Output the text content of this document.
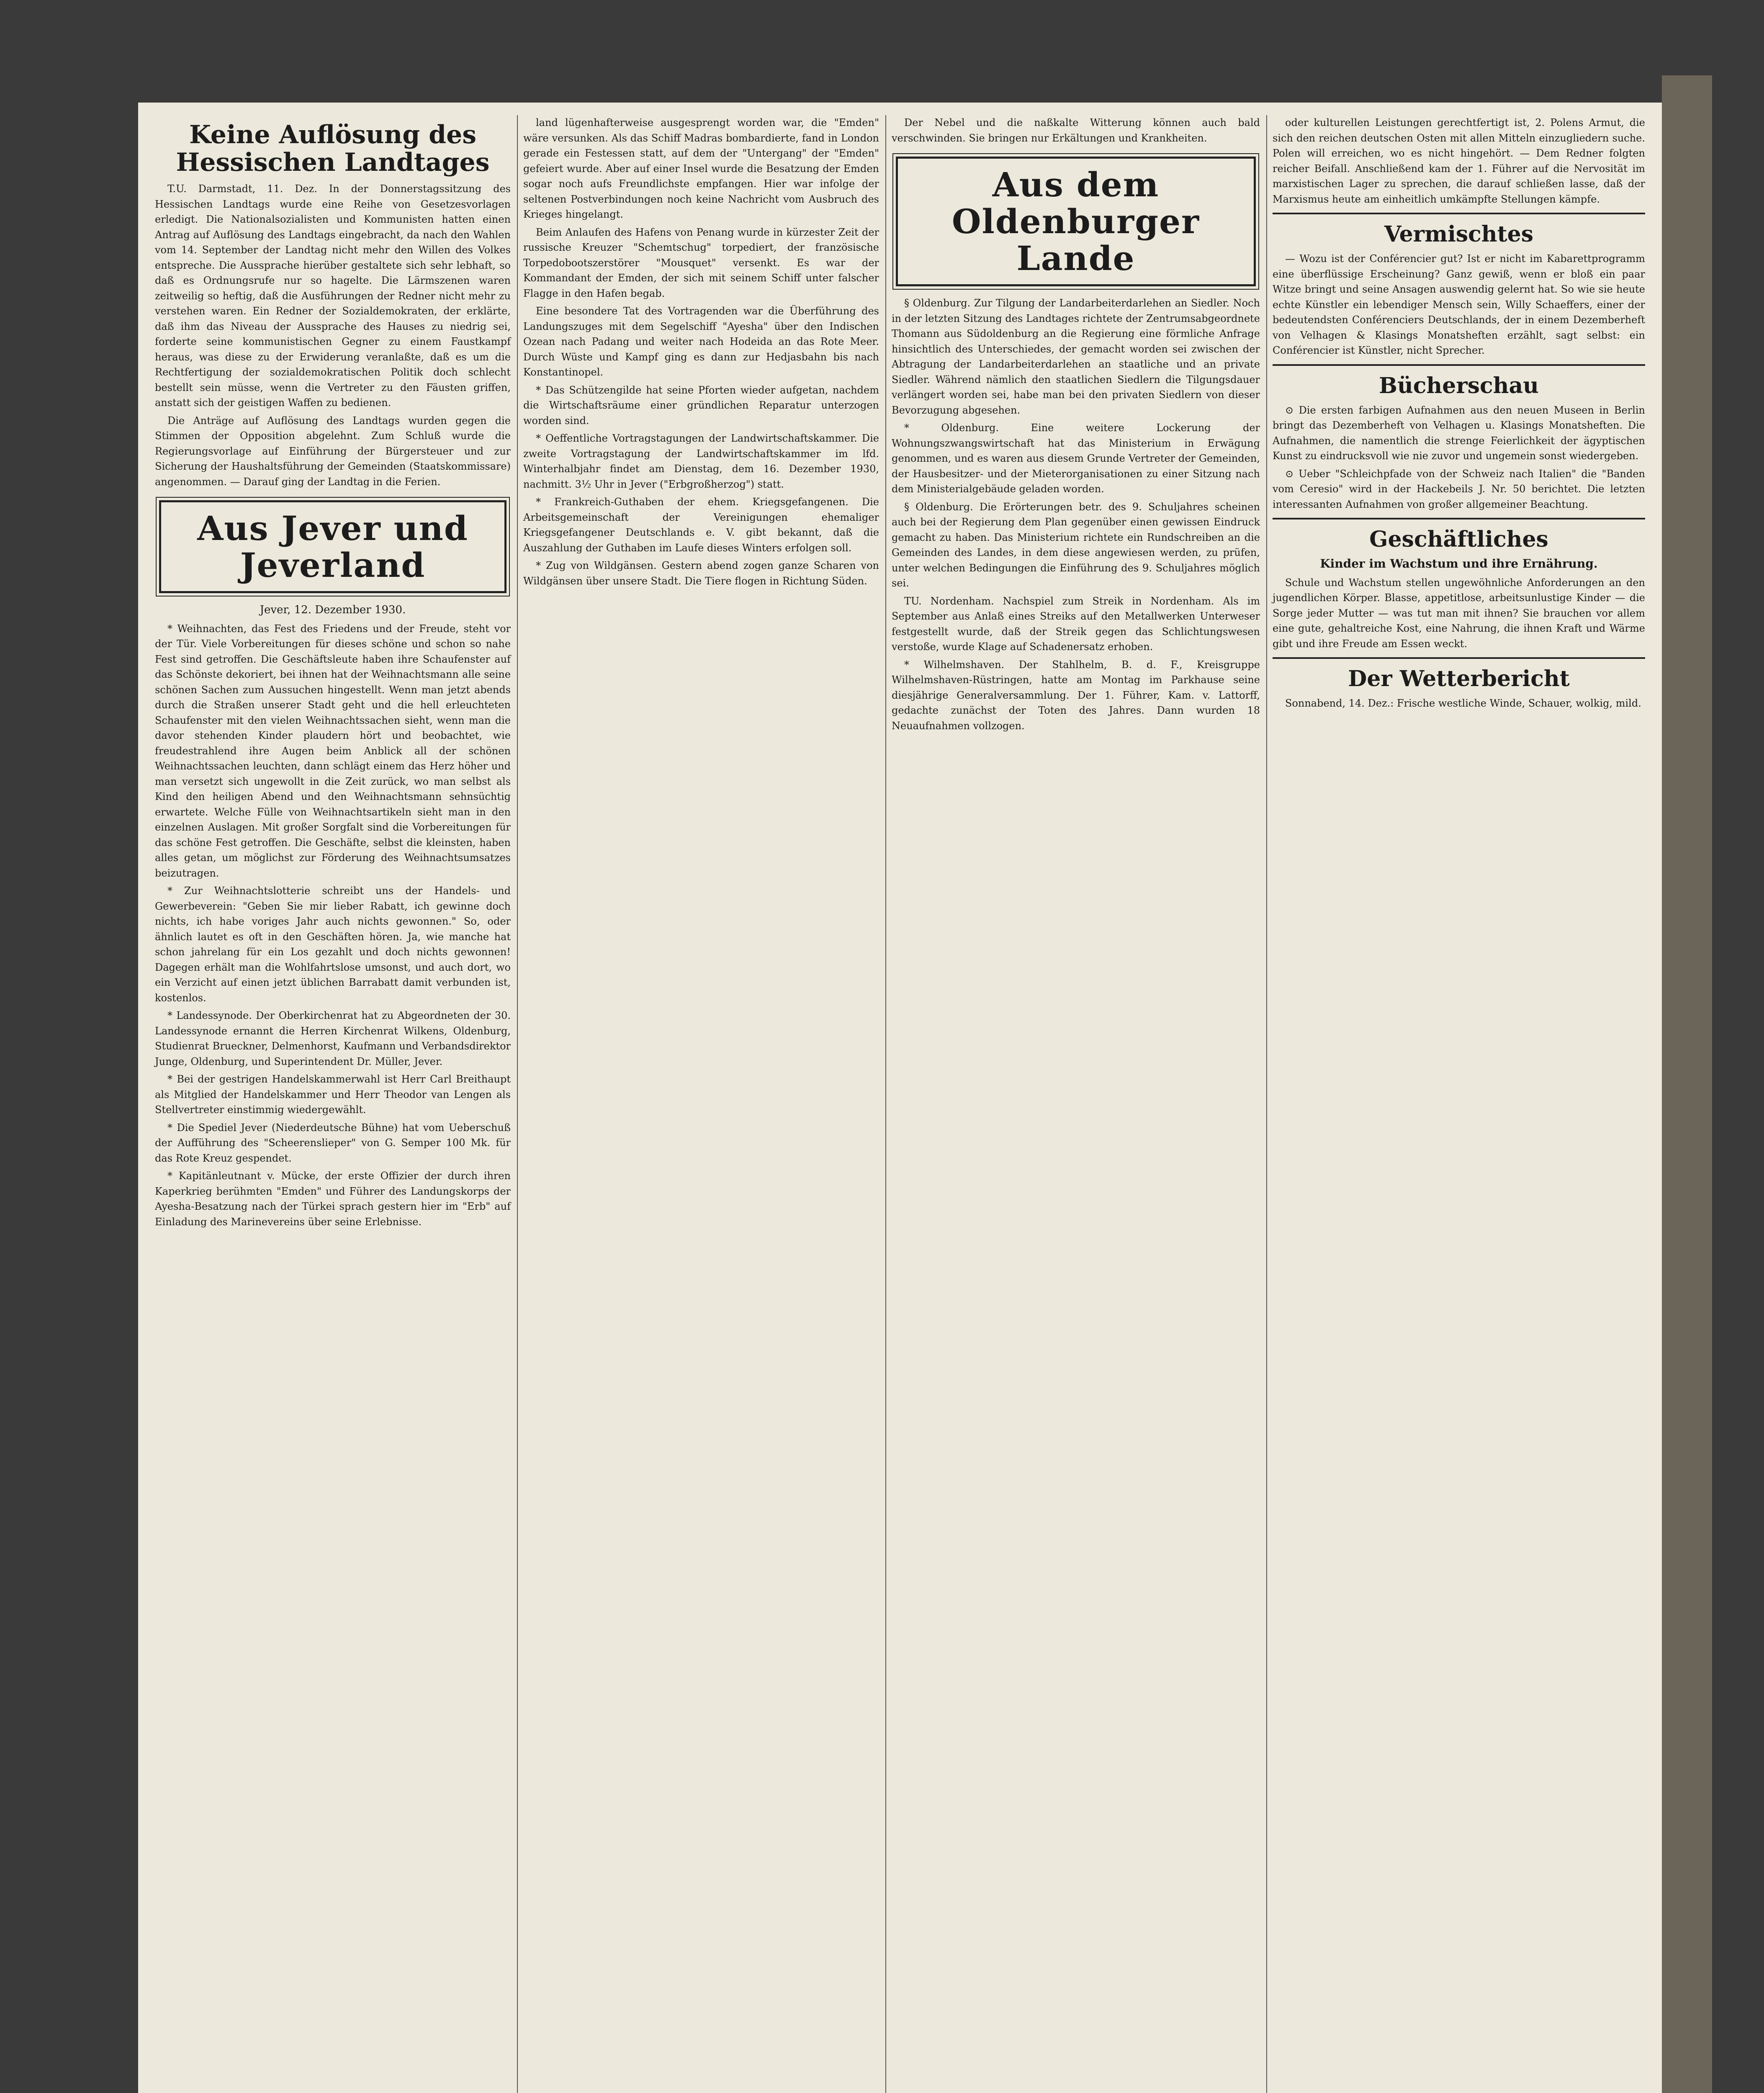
Keine Auflösung des Hessischen Landtages

T.U. Darmstadt, 11. Dez. In der Donnerstagssitzung des Hessischen Landtags wurde eine Reihe von Gesetzesvorlagen erledigt. Die Nationalsozialisten und Kommunisten hatten einen Antrag auf Auflösung des Landtags eingebracht, da nach den Wahlen vom 14. September der Landtag nicht mehr den Willen des Volkes entspreche. Die Aussprache hierüber gestaltete sich sehr lebhaft, so daß es Ordnungsrufe nur so hagelte. Die Lärmszenen waren zeitweilig so heftig, daß die Ausführungen der Redner nicht mehr zu verstehen waren. Ein Redner der Sozialdemokraten, der erklärte, daß ihm das Niveau der Aussprache des Hauses zu niedrig sei, forderte seine kommunistischen Gegner zu einem Faustkampf heraus, was diese zu der Erwiderung veranlaßte, daß es um die Rechtfertigung der sozialdemokratischen Politik doch schlecht bestellt sein müsse, wenn die Vertreter zu den Fäusten griffen, anstatt sich der geistigen Waffen zu bedienen.

Die Anträge auf Auflösung des Landtags wurden gegen die Stimmen der Opposition abgelehnt. Zum Schluß wurde die Regierungsvorlage auf Einführung der Bürgersteuer und zur Sicherung der Haushaltsführung der Gemeinden (Staatskommissare) angenommen. — Darauf ging der Landtag in die Ferien.

Aus Jever und Jeverland
Jever, 12. Dezember 1930.

* Weihnachten, das Fest des Friedens und der Freude, steht vor der Tür. Viele Vorbereitungen für dieses schöne und schon so nahe Fest sind getroffen. Die Geschäftsleute haben ihre Schaufenster auf das Schönste dekoriert, bei ihnen hat der Weihnachtsmann alle seine schönen Sachen zum Aussuchen hingestellt. Wenn man jetzt abends durch die Straßen unserer Stadt geht und die hell erleuchteten Schaufenster mit den vielen Weihnachtssachen sieht, wenn man die davor stehenden Kinder plaudern hört und beobachtet, wie freudestrahlend ihre Augen beim Anblick all der schönen Weihnachtssachen leuchten, dann schlägt einem das Herz höher und man versetzt sich ungewollt in die Zeit zurück, wo man selbst als Kind den heiligen Abend und den Weihnachtsmann sehnsüchtig erwartete. Welche Fülle von Weihnachtsartikeln sieht man in den einzelnen Auslagen. Mit großer Sorgfalt sind die Vorbereitungen für das schöne Fest getroffen. Die Geschäfte, selbst die kleinsten, haben alles getan, um möglichst zur Förderung des Weihnachtsumsatzes beizutragen.

* Zur Weihnachtslotterie schreibt uns der Handels- und Gewerbeverein: "Geben Sie mir lieber Rabatt, ich gewinne doch nichts, ich habe voriges Jahr auch nichts gewonnen." So, oder ähnlich lautet es oft in den Geschäften hören. Ja, wie manche hat schon jahrelang für ein Los gezahlt und doch nichts gewonnen! Dagegen erhält man die Wohlfahrtslose umsonst, und auch dort, wo ein Verzicht auf einen jetzt üblichen Barrabatt damit verbunden ist, kostenlos.

* Landessynode. Der Oberkirchenrat hat zu Abgeordneten der 30. Landessynode ernannt die Herren Kirchenrat Wilkens, Oldenburg, Studienrat Brueckner, Delmenhorst, Kaufmann und Verbandsdirektor Junge, Oldenburg, und Superintendent Dr. Müller, Jever.

* Bei der gestrigen Handelskammerwahl ist Herr Carl Breithaupt als Mitglied der Handelskammer und Herr Theodor van Lengen als Stellvertreter einstimmig wiedergewählt.

* Die Spediel Jever (Niederdeutsche Bühne) hat vom Ueberschuß der Aufführung des "Scheerenslieper" von G. Semper 100 Mk. für das Rote Kreuz gespendet.

* Kapitänleutnant v. Mücke, der erste Offizier der durch ihren Kaperkrieg berühmten "Emden" und Führer des Landungskorps der Ayesha-Besatzung nach der Türkei sprach gestern hier im "Erb" auf Einladung des Marinevereins über seine Erlebnisse.

land lügenhafterweise ausgesprengt worden war, die "Emden" wäre versunken. Als das Schiff Madras bombardierte, fand in London gerade ein Festessen statt, auf dem der "Untergang" der "Emden" gefeiert wurde. Aber auf einer Insel wurde die Besatzung der Emden sogar noch aufs Freundlichste empfangen. Hier war infolge der seltenen Postverbindungen noch keine Nachricht vom Ausbruch des Krieges hingelangt.

Beim Anlaufen des Hafens von Penang wurde in kürzester Zeit der russische Kreuzer "Schemtschug" torpediert, der französische Torpedobootszerstörer "Mousquet" versenkt. Es war der Kommandant der Emden, der sich mit seinem Schiff unter falscher Flagge in den Hafen begab.

Eine besondere Tat des Vortragenden war die Überführung des Landungszuges mit dem Segelschiff "Ayesha" über den Indischen Ozean nach Padang und weiter nach Hodeida an das Rote Meer. Durch Wüste und Kampf ging es dann zur Hedjasbahn bis nach Konstantinopel.

* Das Schützengilde hat seine Pforten wieder aufgetan, nachdem die Wirtschaftsräume einer gründlichen Reparatur unterzogen worden sind.

* Oeffentliche Vortragstagungen der Landwirtschaftskammer. Die zweite Vortragstagung der Landwirtschaftskammer im lfd. Winterhalbjahr findet am Dienstag, dem 16. Dezember 1930, nachmitt. 3½ Uhr in Jever ("Erbgroßherzog") statt.

* Frankreich-Guthaben der ehem. Kriegsgefangenen. Die Arbeitsgemeinschaft der Vereinigungen ehemaliger Kriegsgefangener Deutschlands e. V. gibt bekannt, daß die Auszahlung der Guthaben im Laufe dieses Winters erfolgen soll.

* Zug von Wildgänsen. Gestern abend zogen ganze Scharen von Wildgänsen über unsere Stadt. Die Tiere flogen in Richtung Süden.

Der Nebel und die naßkalte Witterung können auch bald verschwinden. Sie bringen nur Erkältungen und Krankheiten.

Aus dem Oldenburger Lande

§ Oldenburg. Zur Tilgung der Landarbeiterdarlehen an Siedler. Noch in der letzten Sitzung des Landtages richtete der Zentrumsabgeordnete Thomann aus Südoldenburg an die Regierung eine förmliche Anfrage hinsichtlich des Unterschiedes, der gemacht worden sei zwischen der Abtragung der Landarbeiterdarlehen an staatliche und an private Siedler. Während nämlich den staatlichen Siedlern die Tilgungsdauer verlängert worden sei, habe man bei den privaten Siedlern von dieser Bevorzugung abgesehen.

* Oldenburg. Eine weitere Lockerung der Wohnungszwangswirtschaft hat das Ministerium in Erwägung genommen, und es waren aus diesem Grunde Vertreter der Gemeinden, der Hausbesitzer- und der Mieterorganisationen zu einer Sitzung nach dem Ministerialgebäude geladen worden.

§ Oldenburg. Die Erörterungen betr. des 9. Schuljahres scheinen auch bei der Regierung dem Plan gegenüber einen gewissen Eindruck gemacht zu haben. Das Ministerium richtete ein Rundschreiben an die Gemeinden des Landes, in dem diese angewiesen werden, zu prüfen, unter welchen Bedingungen die Einführung des 9. Schuljahres möglich sei.

TU. Nordenham. Nachspiel zum Streik in Nordenham. Als im September aus Anlaß eines Streiks auf den Metallwerken Unterweser festgestellt wurde, daß der Streik gegen das Schlichtungswesen verstoße, wurde Klage auf Schadenersatz erhoben.

* Wilhelmshaven. Der Stahlhelm, B. d. F., Kreisgruppe Wilhelmshaven-Rüstringen, hatte am Montag im Parkhause seine diesjährige Generalversammlung. Der 1. Führer, Kam. v. Lattorff, gedachte zunächst der Toten des Jahres. Dann wurden 18 Neuaufnahmen vollzogen.

oder kulturellen Leistungen gerechtfertigt ist, 2. Polens Armut, die sich den reichen deutschen Osten mit allen Mitteln einzugliedern suche. Polen will erreichen, wo es nicht hingehört. — Dem Redner folgten reicher Beifall. Anschließend kam der 1. Führer auf die Nervosität im marxistischen Lager zu sprechen, die darauf schließen lasse, daß der Marxismus heute am einheitlich umkämpfte Stellungen kämpfe.

Vermischtes

— Wozu ist der Conférencier gut? Ist er nicht im Kabarettprogramm eine überflüssige Erscheinung? Ganz gewiß, wenn er bloß ein paar Witze bringt und seine Ansagen auswendig gelernt hat. So wie sie heute echte Künstler ein lebendiger Mensch sein, Willy Schaeffers, einer der bedeutendsten Conférenciers Deutschlands, der in einem Dezemberheft von Velhagen & Klasings Monatsheften erzählt, sagt selbst: ein Conférencier ist Künstler, nicht Sprecher.

Bücherschau

⊙ Die ersten farbigen Aufnahmen aus den neuen Museen in Berlin bringt das Dezemberheft von Velhagen u. Klasings Monatsheften. Die Aufnahmen, die namentlich die strenge Feierlichkeit der ägyptischen Kunst zu eindrucksvoll wie nie zuvor und ungemein sonst wiedergeben.

⊙ Ueber "Schleichpfade von der Schweiz nach Italien" die "Banden vom Ceresio" wird in der Hackebeils J. Nr. 50 berichtet. Die letzten interessanten Aufnahmen von großer allgemeiner Beachtung.

Geschäftliches
Kinder im Wachstum und ihre Ernährung.

Schule und Wachstum stellen ungewöhnliche Anforderungen an den jugendlichen Körper. Blasse, appetitlose, arbeitsunlustige Kinder — die Sorge jeder Mutter — was tut man mit ihnen? Sie brauchen vor allem eine gute, gehaltreiche Kost, eine Nahrung, die ihnen Kraft und Wärme gibt und ihre Freude am Essen weckt.

Der Wetterbericht

Sonnabend, 14. Dez.: Frische westliche Winde, Schauer, wolkig, mild.
